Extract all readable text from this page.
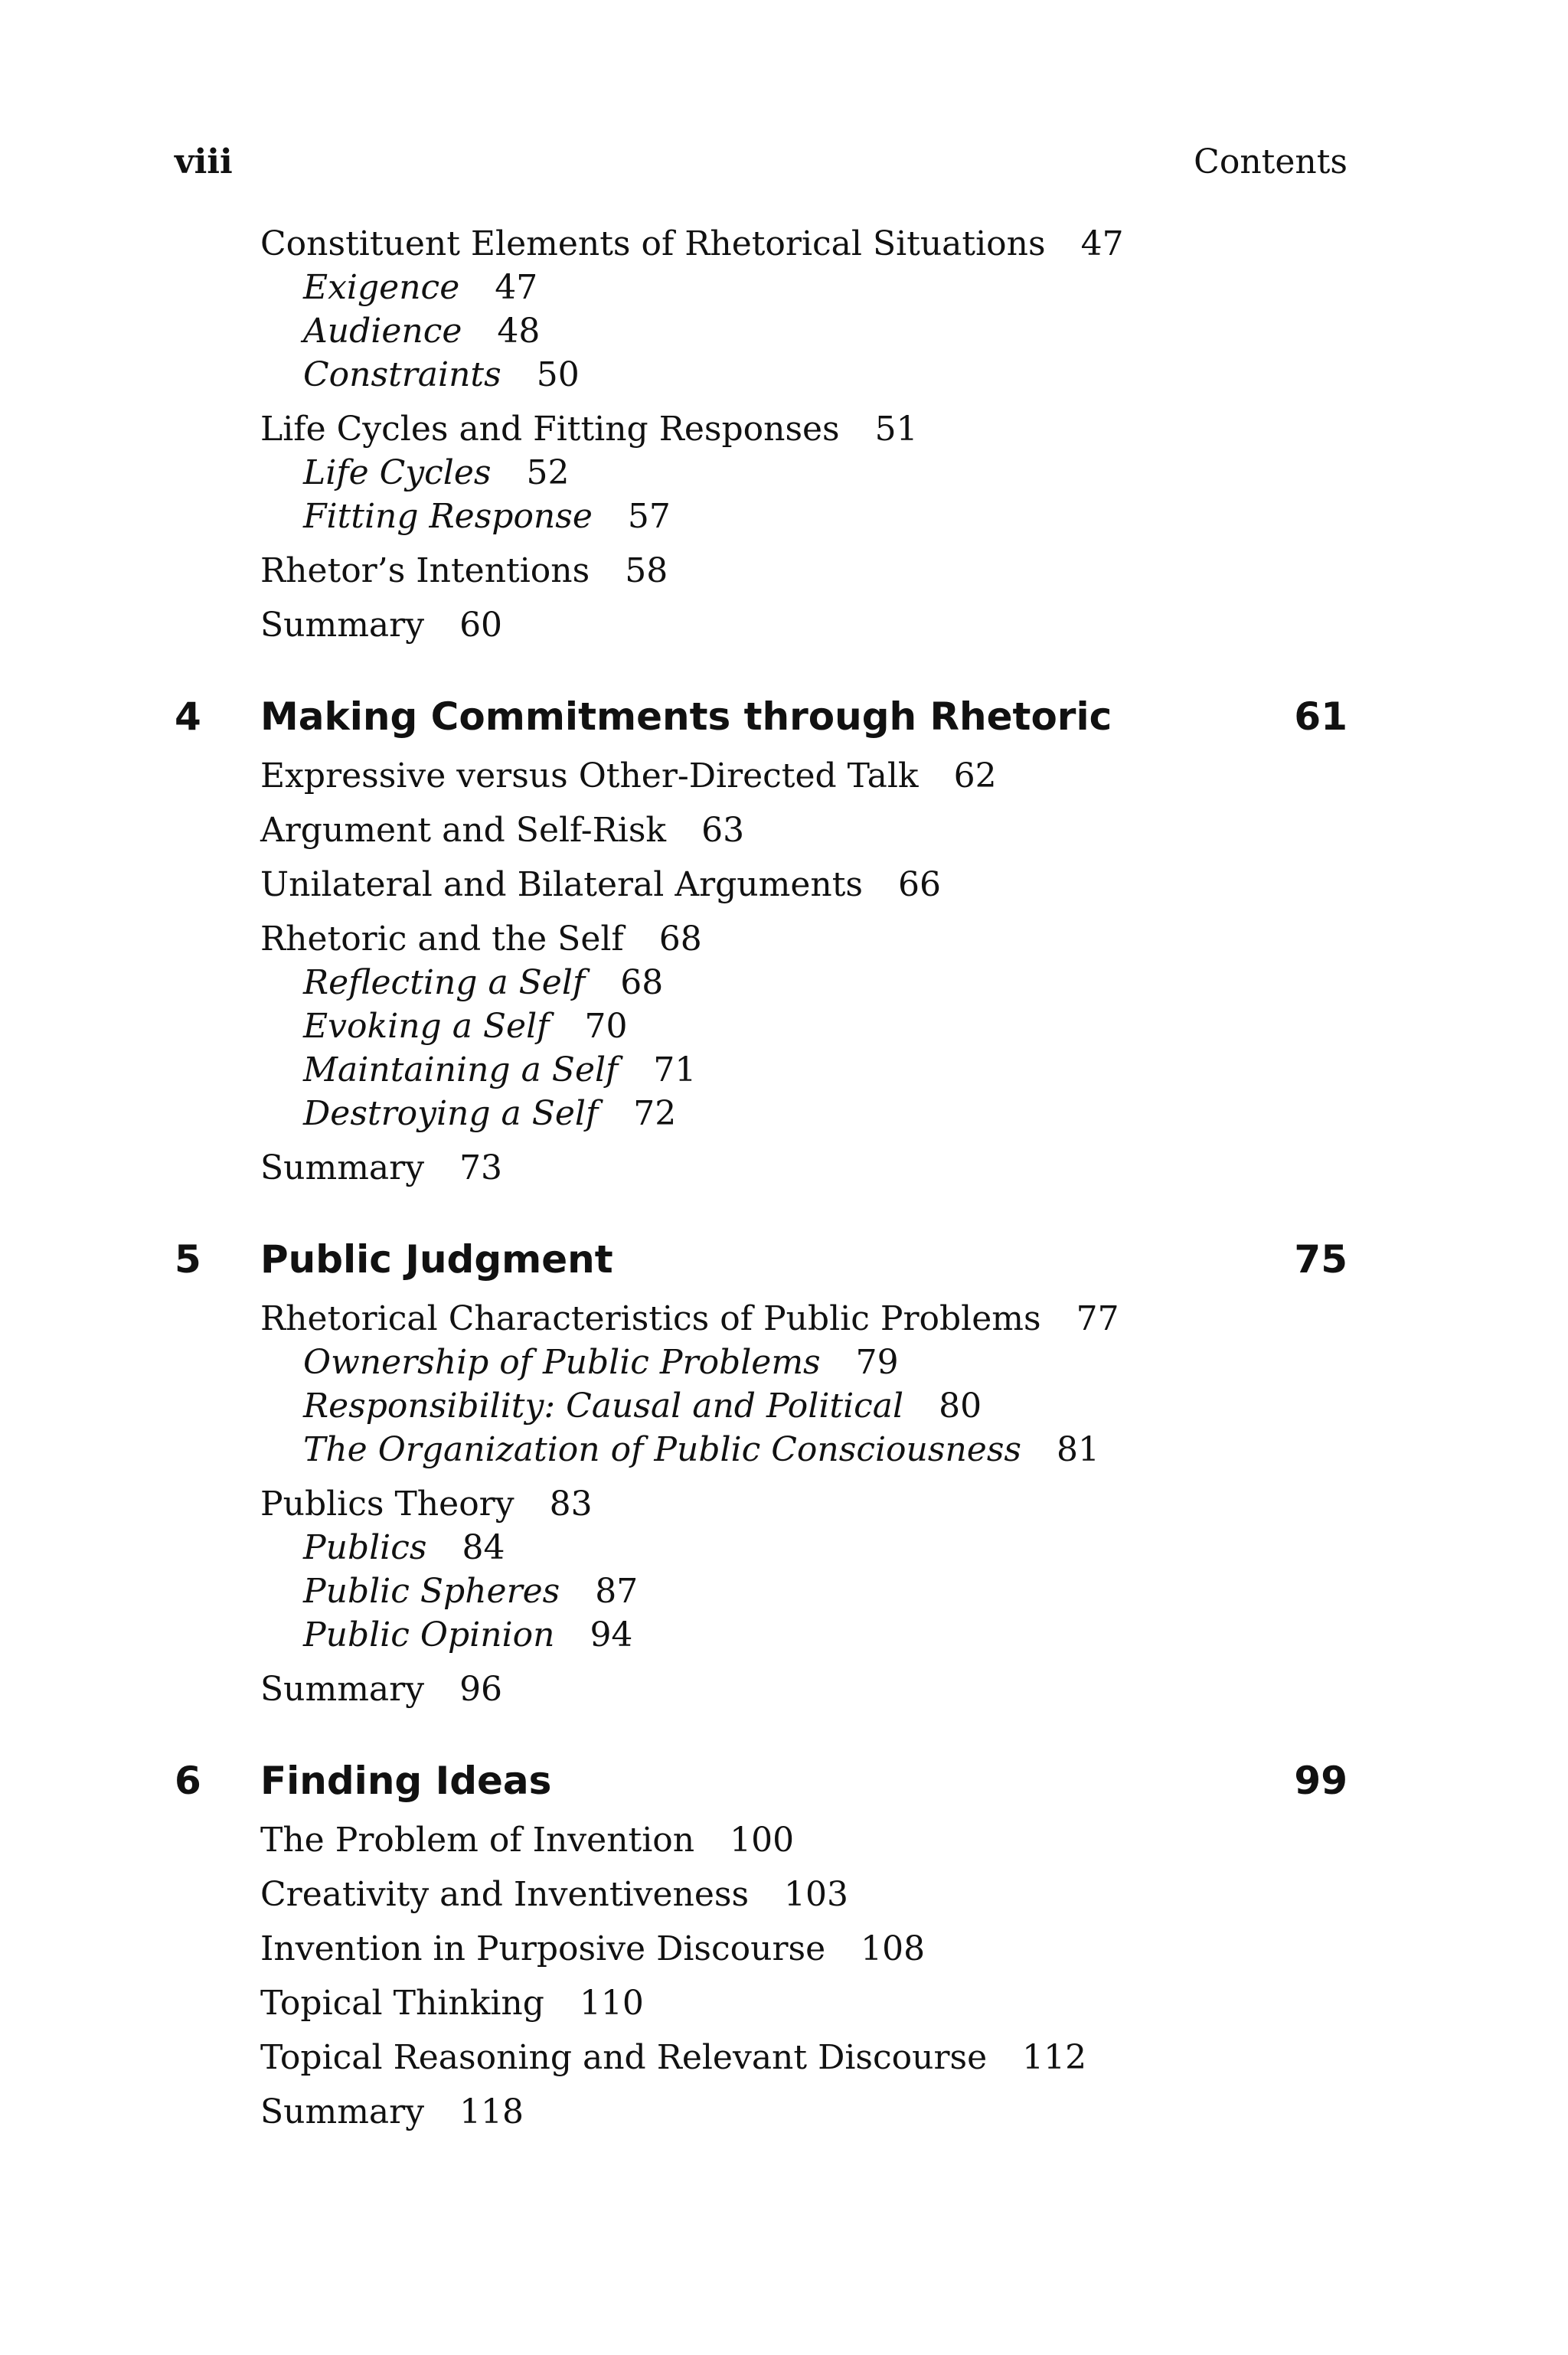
viii	Contents
Constituent Elements of Rhetorical Situations 47
Exigence 47
Audience 48
Constraints 50
Life Cycles and Fitting Responses 51
Life Cycles 52
Fitting Response 57
Rhetor’s Intentions 58
Summary 60
4 Making Commitments through Rhetoric	61
Expressive versus Other-Directed Talk 62
Argument and Self-Risk 63
Unilateral and Bilateral Arguments 66
Rhetoric and the Self 68
Reflecting a Self 68
Evoking a Self 70
Maintaining a Self 71
Destroying a Self 72
Summary 73
5 Public Judgment	75
Rhetorical Characteristics of Public Problems 77
Ownership of Public Problems 79
Responsibility: Causal and Political 80
The Organization of Public Consciousness 81
Publics Theory 83
Publics 84
Public Spheres 87
Public Opinion 94
Summary 96
6 Finding Ideas	99
The Problem of Invention 100
Creativity and Inventiveness 103
Invention in Purposive Discourse 108
Topical Thinking 110
Topical Reasoning and Relevant Discourse 112
Summary 118
